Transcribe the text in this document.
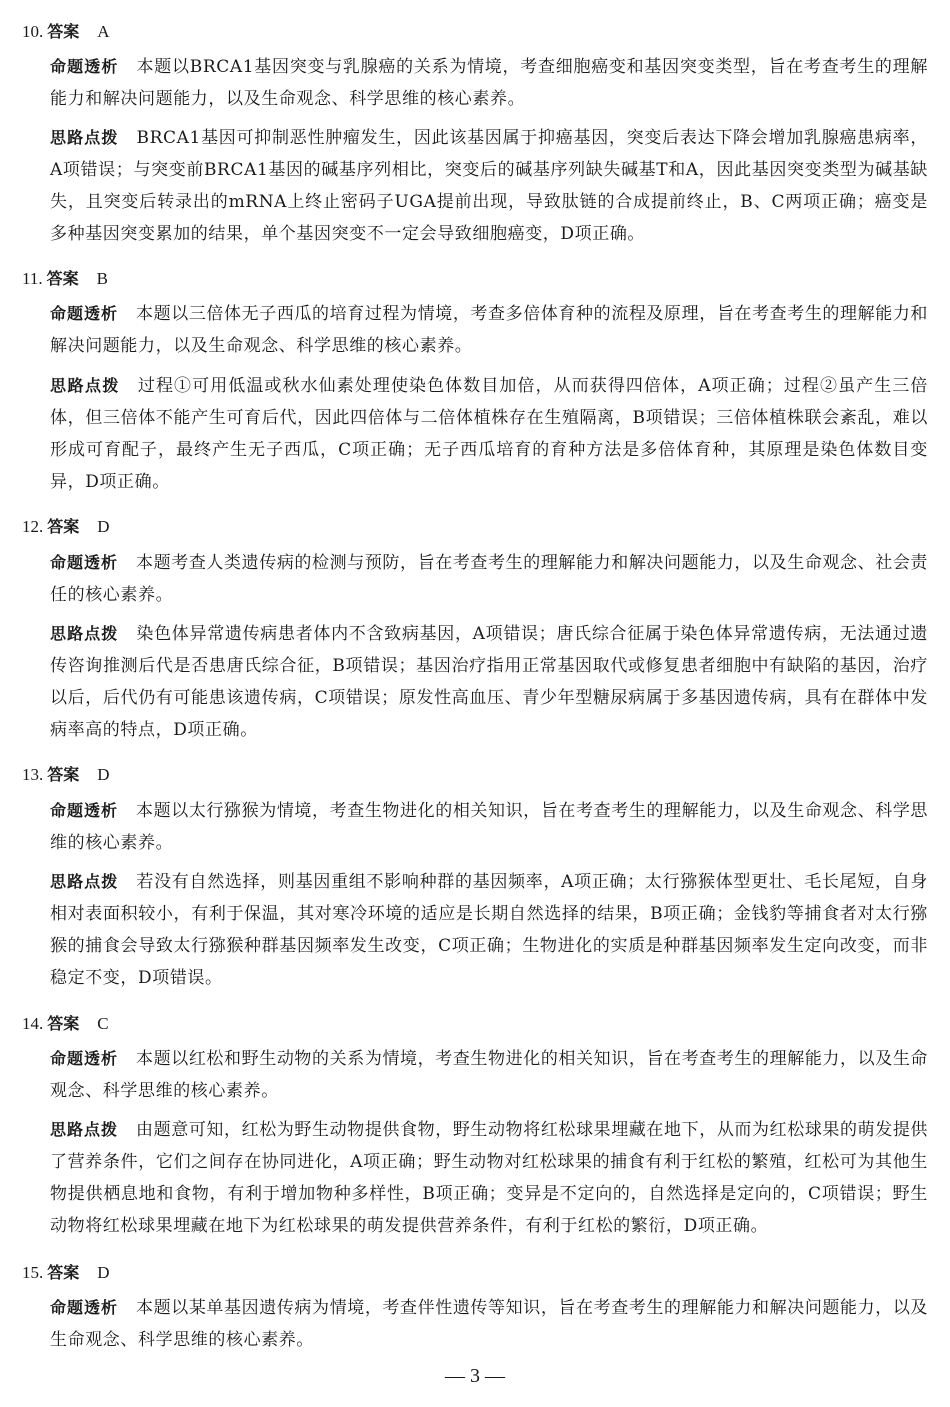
10. 答案 A
命题透析 本题以BRCA1基因突变与乳腺癌的关系为情境，考查细胞癌变和基因突变类型，旨在考查考生的理解能力和解决问题能力，以及生命观念、科学思维的核心素养。
思路点拨 BRCA1基因可抑制恶性肿瘤发生，因此该基因属于抑癌基因，突变后表达下降会增加乳腺癌患病率，A项错误；与突变前BRCA1基因的碱基序列相比，突变后的碱基序列缺失碱基T和A，因此基因突变类型为碱基缺失，且突变后转录出的mRNA上终止密码子UGA提前出现，导致肽链的合成提前终止，B、C两项正确；癌变是多种基因突变累加的结果，单个基因突变不一定会导致细胞癌变，D项正确。
11. 答案 B
命题透析 本题以三倍体无子西瓜的培育过程为情境，考查多倍体育种的流程及原理，旨在考查考生的理解能力和解决问题能力，以及生命观念、科学思维的核心素养。
思路点拨 过程①可用低温或秋水仙素处理使染色体数目加倍，从而获得四倍体，A项正确；过程②虽产生三倍体，但三倍体不能产生可育后代，因此四倍体与二倍体植株存在生殖隔离，B项错误；三倍体植株联会紊乱，难以形成可育配子，最终产生无子西瓜，C项正确；无子西瓜培育的育种方法是多倍体育种，其原理是染色体数目变异，D项正确。
12. 答案 D
命题透析 本题考查人类遗传病的检测与预防，旨在考查考生的理解能力和解决问题能力，以及生命观念、社会责任的核心素养。
思路点拨 染色体异常遗传病患者体内不含致病基因，A项错误；唐氏综合征属于染色体异常遗传病，无法通过遗传咨询推测后代是否患唐氏综合征，B项错误；基因治疗指用正常基因取代或修复患者细胞中有缺陷的基因，治疗以后，后代仍有可能患该遗传病，C项错误；原发性高血压、青少年型糖尿病属于多基因遗传病，具有在群体中发病率高的特点，D项正确。
13. 答案 D
命题透析 本题以太行猕猴为情境，考查生物进化的相关知识，旨在考查考生的理解能力，以及生命观念、科学思维的核心素养。
思路点拨 若没有自然选择，则基因重组不影响种群的基因频率，A项正确；太行猕猴体型更壮、毛长尾短，自身相对表面积较小，有利于保温，其对寒冷环境的适应是长期自然选择的结果，B项正确；金钱豹等捕食者对太行猕猴的捕食会导致太行猕猴种群基因频率发生改变，C项正确；生物进化的实质是种群基因频率发生定向改变，而非稳定不变，D项错误。
14. 答案 C
命题透析 本题以红松和野生动物的关系为情境，考查生物进化的相关知识，旨在考查考生的理解能力，以及生命观念、科学思维的核心素养。
思路点拨 由题意可知，红松为野生动物提供食物，野生动物将红松球果埋藏在地下，从而为红松球果的萌发提供了营养条件，它们之间存在协同进化，A项正确；野生动物对红松球果的捕食有利于红松的繁殖，红松可为其他生物提供栖息地和食物，有利于增加物种多样性，B项正确；变异是不定向的，自然选择是定向的，C项错误；野生动物将红松球果埋藏在地下为红松球果的萌发提供营养条件，有利于红松的繁衍，D项正确。
15. 答案 D
命题透析 本题以某单基因遗传病为情境，考查伴性遗传等知识，旨在考查考生的理解能力和解决问题能力，以及生命观念、科学思维的核心素养。
— 3 —
